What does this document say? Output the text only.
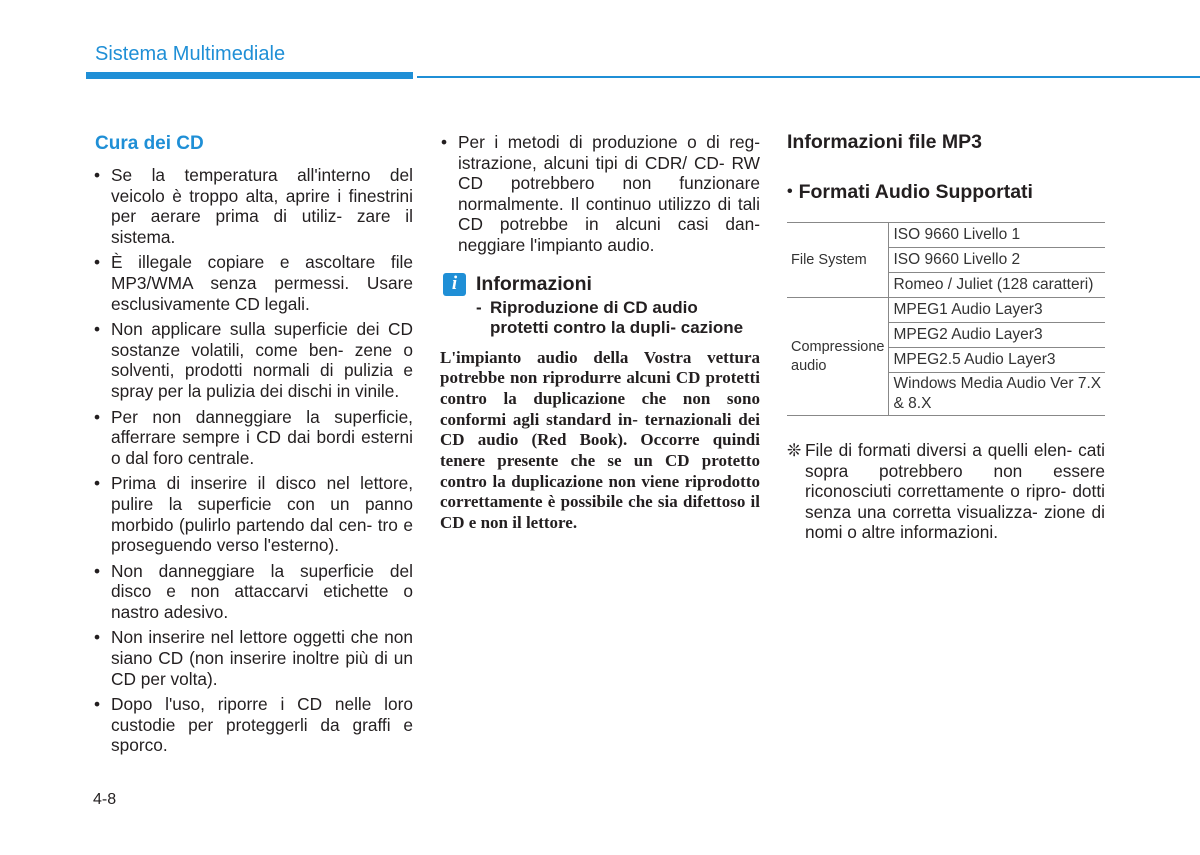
Sistema Multimediale
Cura dei CD
• Se la temperatura all'interno del veicolo è troppo alta, aprire i finestrini per aerare prima di utiliz- zare il sistema.
• È illegale copiare e ascoltare file MP3/WMA senza permessi. Usare esclusivamente CD legali.
• Non applicare sulla superficie dei CD sostanze volatili, come ben- zene o solventi, prodotti normali di pulizia e spray per la pulizia dei dischi in vinile.
• Per non danneggiare la superficie, afferrare sempre i CD dai bordi esterni o dal foro centrale.
• Prima di inserire il disco nel lettore, pulire la superficie con un panno morbido (pulirlo partendo dal cen- tro e proseguendo verso l'esterno).
• Non danneggiare la superficie del disco e non attaccarvi etichette o nastro adesivo.
• Non inserire nel lettore oggetti che non siano CD (non inserire inoltre più di un CD per volta).
• Dopo l'uso, riporre i CD nelle loro custodie per proteggerli da graffi e sporco.
• Per i metodi di produzione o di reg- istrazione, alcuni tipi di CDR/ CD- RW CD potrebbero non funzionare normalmente. Il continuo utilizzo di tali CD potrebbe in alcuni casi dan- neggiare l'impianto audio.
i Informazioni
- Riproduzione di CD audio protetti contro la dupli- cazione
L'impianto audio della Vostra vettura potrebbe non riprodurre alcuni CD protetti contro la duplicazione che non sono conformi agli standard in- ternazionali dei CD audio (Red Book). Occorre quindi tenere presente che se un CD protetto contro la duplicazione non viene riprodotto correttamente è possibile che sia difettoso il CD e non il lettore.
Informazioni file MP3
• Formati Audio Supportati
File System	ISO 9660 Livello 1
	ISO 9660 Livello 2
	Romeo / Juliet (128 caratteri)
Compressione audio	MPEG1 Audio Layer3
	MPEG2 Audio Layer3
	MPEG2.5 Audio Layer3
	Windows Media Audio Ver 7.X & 8.X
❊ File di formati diversi a quelli elen- cati sopra potrebbero non essere riconosciuti correttamente o ripro- dotti senza una corretta visualizza- zione di nomi o altre informazioni.
4-8
